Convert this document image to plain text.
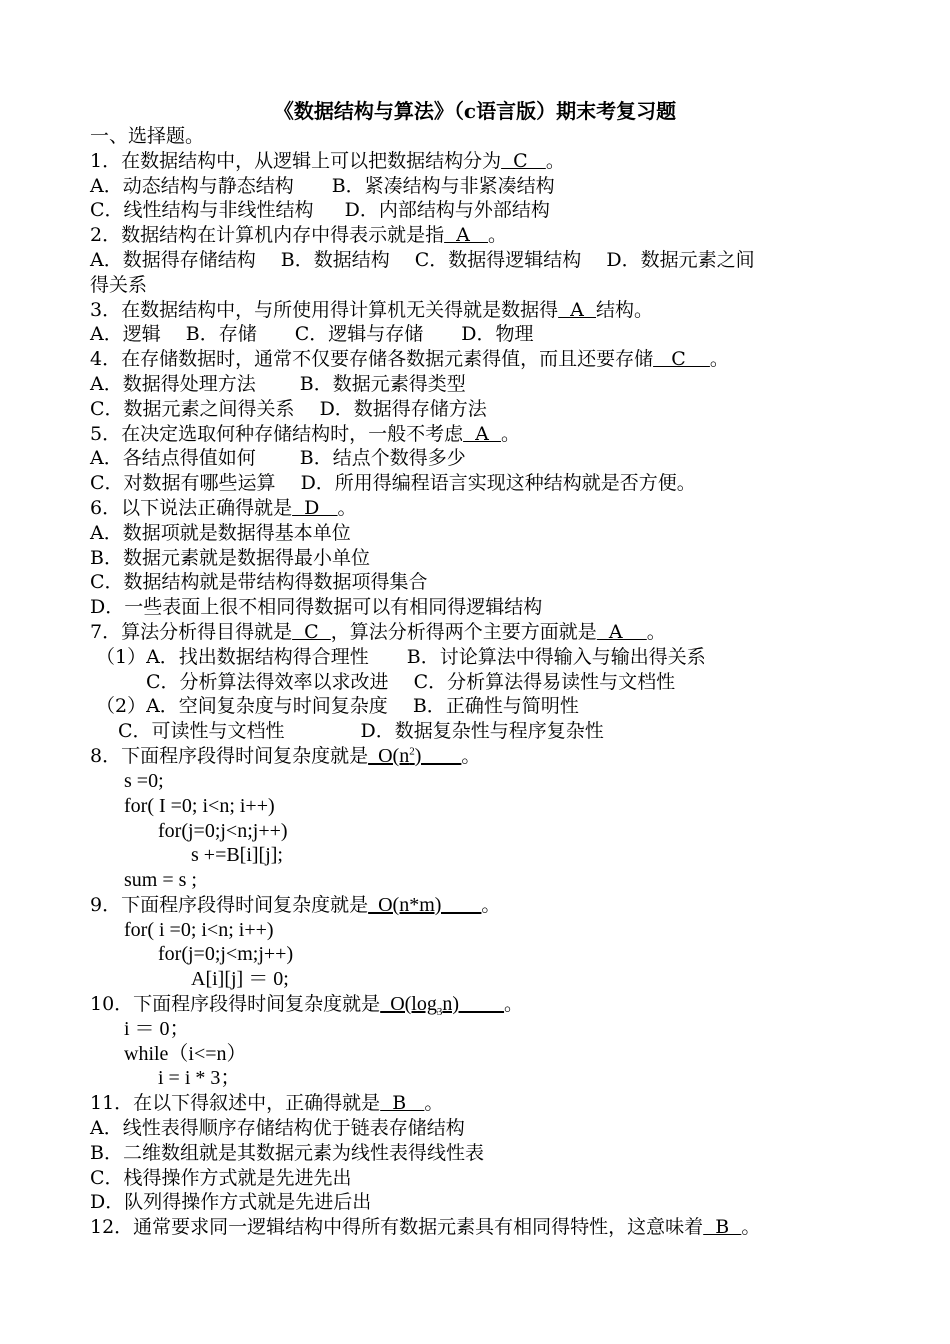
《数据结构与算法》（c语言版）期末考复习题
一、选择题。
1．在数据结构中，从逻辑上可以把数据结构分为  C   。
A．动态结构与静态结构　　B．紧凑结构与非紧凑结构
C．线性结构与非线性结构　  D．内部结构与外部结构
2．数据结构在计算机内存中得表示就是指  A   。
A．数据得存储结构　 B．数据结构　 C．数据得逻辑结构　 D．数据元素之间
得关系
3．在数据结构中，与所使用得计算机无关得就是数据得  A  结构。
A．逻辑　 B．存储　　C．逻辑与存储　　D．物理
4．在存储数据时，通常不仅要存储各数据元素得值，而且还要存储   C    。
A．数据得处理方法　　 B．数据元素得类型
C．数据元素之间得关系　 D．数据得存储方法
5．在决定选取何种存储结构时，一般不考虑  A  。
A．各结点得值如何　　 B．结点个数得多少
C．对数据有哪些运算　 D．所用得编程语言实现这种结构就是否方便。
6．以下说法正确得就是  D   。
A．数据项就是数据得基本单位
B．数据元素就是数据得最小单位
C．数据结构就是带结构得数据项得集合
D．一些表面上很不相同得数据可以有相同得逻辑结构
7．算法分析得目得就是  C  ，算法分析得两个主要方面就是  A    。
（1）A．找出数据结构得合理性　　B．讨论算法中得输入与输出得关系
C．分析算法得效率以求改进　 C．分析算法得易读性与文档性
（2）A．空间复杂度与时间复杂度　 B．正确性与简明性
C．可读性与文档性　　　　D．数据复杂性与程序复杂性
8．下面程序段得时间复杂度就是  $O(n^2)$        。
s =0;
for( I =0; i<n; i++)
for(j=0;j<n;j++)
s +=B[i][j];
sum = s ;
9．下面程序段得时间复杂度就是  O(n*m)        。
for( i =0; i<n; i++)
for(j=0;j<m;j++)
A[i][j] ＝ 0;
10．下面程序段得时间复杂度就是  $O(\log_3n)$         。
i ＝ 0；
while（i<=n）
i = i * 3；
11．在以下得叙述中，正确得就是  B   。
A．线性表得顺序存储结构优于链表存储结构
B．二维数组就是其数据元素为线性表得线性表
C．栈得操作方式就是先进先出
D．队列得操作方式就是先进后出
12．通常要求同一逻辑结构中得所有数据元素具有相同得特性，这意味着  B  。
